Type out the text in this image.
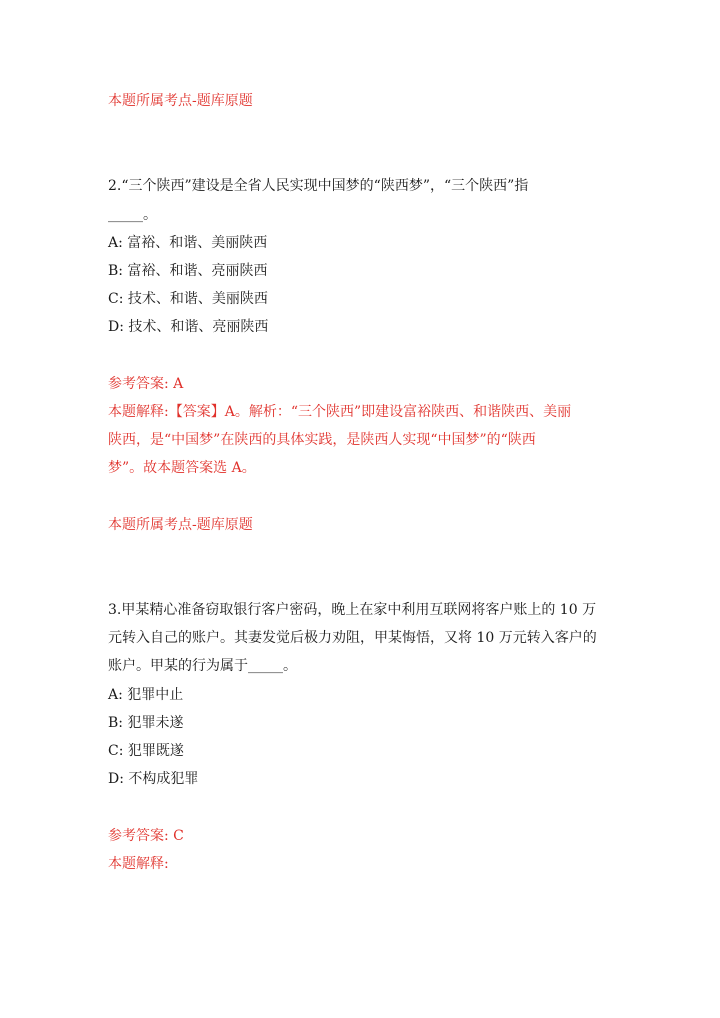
本题所属考点-题库原题
2.“三个陕西”建设是全省人民实现中国梦的“陕西梦”，“三个陕西”指
_____。
A: 富裕、和谐、美丽陕西
B: 富裕、和谐、亮丽陕西
C: 技术、和谐、美丽陕西
D: 技术、和谐、亮丽陕西
参考答案: A
本题解释:【答案】A。解析：“三个陕西”即建设富裕陕西、和谐陕西、美丽
陕西，是“中国梦”在陕西的具体实践，是陕西人实现“中国梦”的“陕西
梦”。故本题答案选 A。
本题所属考点-题库原题
3.甲某精心准备窃取银行客户密码，晚上在家中利用互联网将客户账上的 10 万
元转入自己的账户。其妻发觉后极力劝阻，甲某悔悟，又将 10 万元转入客户的
账户。甲某的行为属于_____。
A: 犯罪中止
B: 犯罪未遂
C: 犯罪既遂
D: 不构成犯罪
参考答案: C
本题解释:
